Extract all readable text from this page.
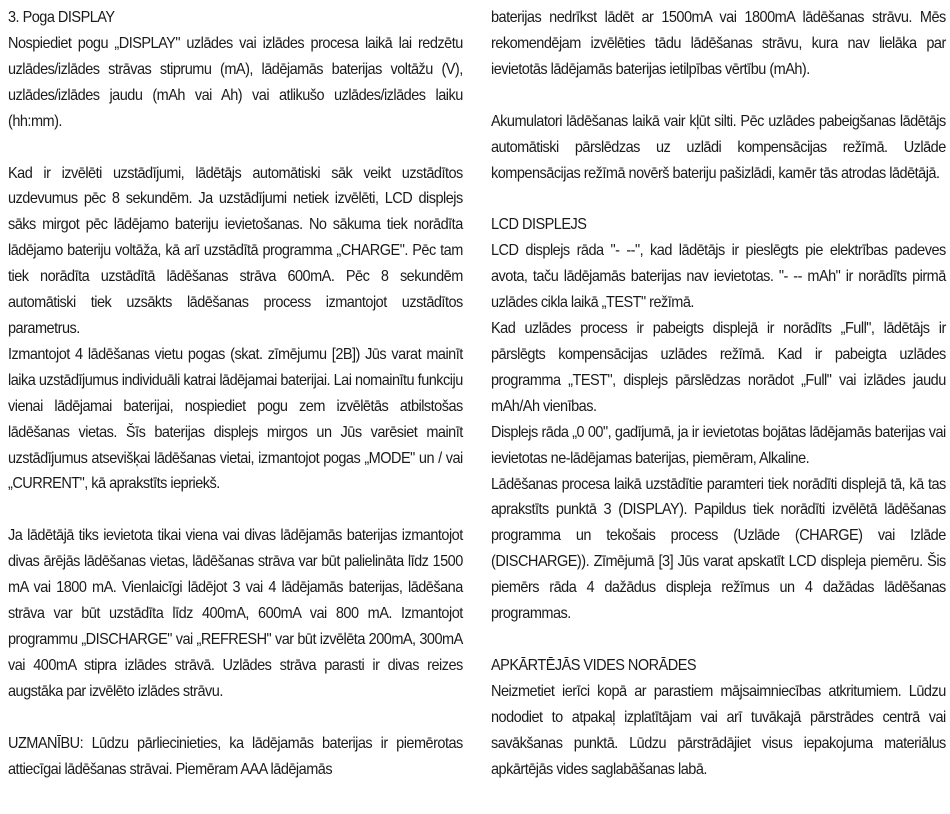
3. Poga DISPLAY

Nospiediet pogu „DISPLAY" uzlādes vai izlādes procesa laikā lai redzētu uzlādes/izlādes strāvas stiprumu (mA), lādējamās baterijas voltāžu (V), uzlādes/izlādes jaudu (mAh vai Ah) vai atlikušo uzlādes/izlādes laiku (hh:mm).

Kad ir izvēlēti uzstādījumi, lādētājs automātiski sāk veikt uzstādītos uzdevumus pēc 8 sekundēm. Ja uzstādījumi netiek izvēlēti, LCD displejs sāks mirgot pēc lādējamo bateriju ievietošanas. No sākuma tiek norādīta lādējamo bateriju voltāža, kā arī uzstādītā programma „CHARGE". Pēc tam tiek norādīta uzstādītā lādēšanas strāva 600mA. Pēc 8 sekundēm automātiski tiek uzsākts lādēšanas process izmantojot uzstādītos parametrus.

Izmantojot 4 lādēšanas vietu pogas (skat. zīmējumu [2B]) Jūs varat mainīt laika uzstādījumus individuāli katrai lādējamai baterijai. Lai nomainītu funkciju vienai lādējamai baterijai, nospiediet pogu zem izvēlētās atbilstošas lādēšanas vietas. Šīs baterijas displejs mirgos un Jūs varēsiet mainīt uzstādījumus atsevišķai lādēšanas vietai, izmantojot pogas „MODE" un / vai „CURRENT", kā aprakstīts iepriekš.

Ja lādētājā tiks ievietota tikai viena vai divas lādējamās baterijas izmantojot divas ārējās lādēšanas vietas, lādēšanas strāva var būt palielināta līdz 1500 mA vai 1800 mA. Vienlaicīgi lādējot 3 vai 4 lādējamās baterijas, lādēšana strāva var būt uzstādīta līdz 400mA, 600mA vai 800 mA. Izmantojot programmu „DISCHARGE" vai „REFRESH" var būt izvēlēta 200mA, 300mA vai 400mA stipra izlādes strāvā. Uzlādes strāva parasti ir divas reizes augstāka par izvēlēto izlādes strāvu.

UZMANĪBU: Lūdzu pārliecinieties, ka lādējamās baterijas ir piemērotas attiecīgai lādēšanas strāvai. Piemēram AAA lādējamās

baterijas nedrīkst lādēt ar 1500mA vai 1800mA lādēšanas strāvu. Mēs rekomendējam izvēlēties tādu lādēšanas strāvu, kura nav lielāka par ievietotās lādējamās baterijas ietilpības vērtību (mAh).

Akumulatori lādēšanas laikā vair kļūt silti. Pēc uzlādes pabeigšanas lādētājs automātiski pārslēdzas uz uzlādi kompensācijas režīmā. Uzlāde kompensācijas režīmā novērš bateriju pašizlādi, kamēr tās atrodas lādētājā.

LCD DISPLEJS

LCD displejs rāda "- --", kad lādētājs ir pieslēgts pie elektrības padeves avota, taču lādējamās baterijas nav ievietotas. "- -- mAh" ir norādīts pirmā uzlādes cikla laikā „TEST" režīmā.

Kad uzlādes process ir pabeigts displejā ir norādīts „Full", lādētājs ir pārslēgts kompensācijas uzlādes režīmā. Kad ir pabeigta uzlādes programma „TEST", displejs pārslēdzas norādot „Full" vai izlādes jaudu mAh/Ah vienības.

Displejs rāda „0 00", gadījumā, ja ir ievietotas bojātas lādējamās baterijas vai ievietotas ne-lādējamas baterijas, piemēram, Alkaline.

Lādēšanas procesa laikā uzstādītie paramteri tiek norādīti displejā tā, kā tas aprakstīts punktā 3 (DISPLAY). Papildus tiek norādīti izvēlētā lādēšanas programma un tekošais process (Uzlāde (CHARGE) vai Izlāde (DISCHARGE)). Zīmējumā [3] Jūs varat apskatīt LCD displeja piemēru. Šis piemērs rāda 4 dažādus displeja režīmus un 4 dažādas lādēšanas programmas.

APKĀRTĒJĀS VIDES NORĀDES

Neizmetiet ierīci kopā ar parastiem mājsaimniecības atkritumiem. Lūdzu nododiet to atpakaļ izplatītājam vai arī tuvākajā pārstrādes centrā vai savākšanas punktā. Lūdzu pārstrādājiet visus iepakojuma materiālus apkārtējās vides saglabāšanas labā.
